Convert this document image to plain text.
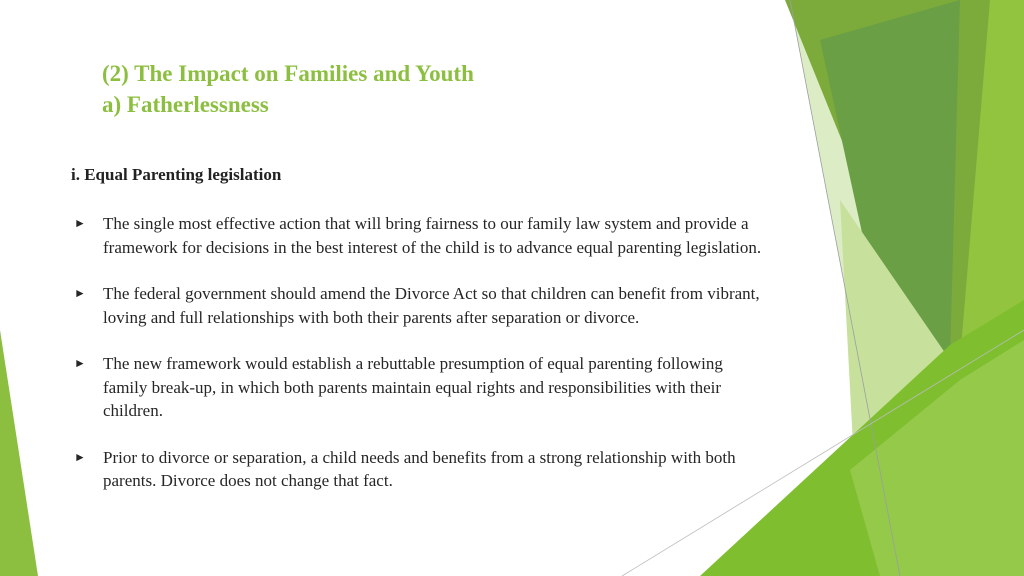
(2) The Impact on Families and Youth
a) Fatherlessness
i. Equal Parenting legislation
► The single most effective action that will bring fairness to our family law system and provide a framework for decisions in the best interest of the child is to advance equal parenting legislation.
► The federal government should amend the Divorce Act so that children can benefit from vibrant, loving and full relationships with both their parents after separation or divorce.
► The new framework would establish a rebuttable presumption of equal parenting following family break-up, in which both parents maintain equal rights and responsibilities with their children.
► Prior to divorce or separation, a child needs and benefits from a strong relationship with both parents. Divorce does not change that fact.
